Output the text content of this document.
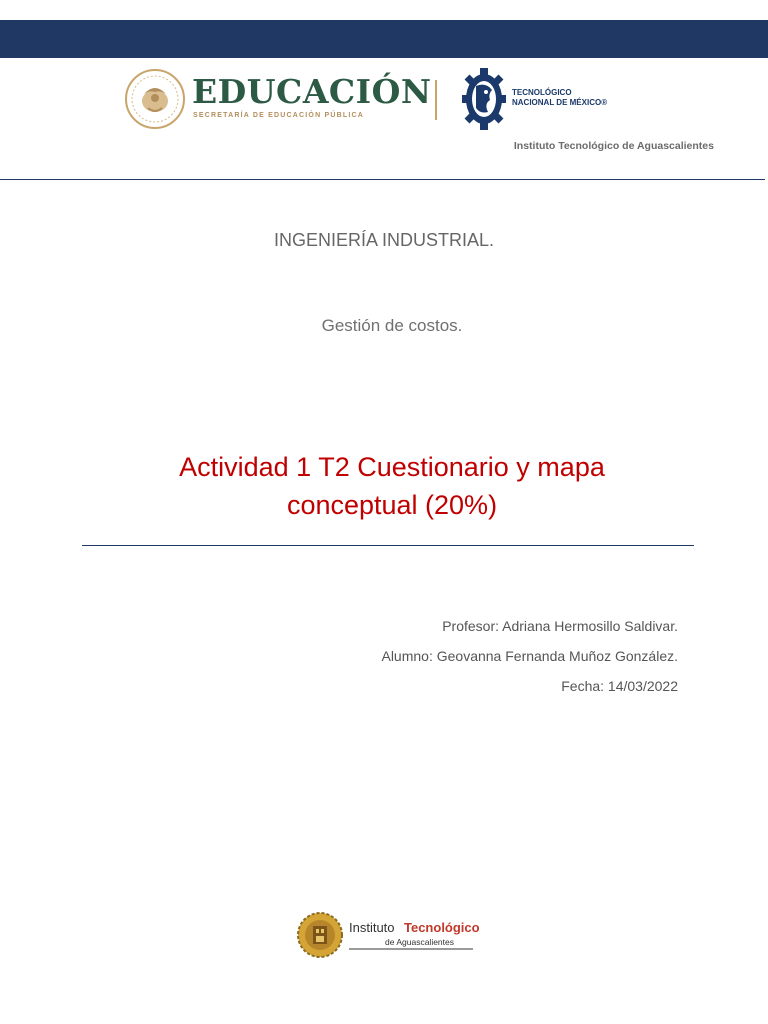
EDUCACIÓN
SECRETARÍA DE EDUCACIÓN PÚBLICA
TECNOLÓGICO
NACIONAL DE MÉXICO®
Instituto Tecnológico de Aguascalientes
INGENIERÍA INDUSTRIAL.
Gestión de costos.
Actividad 1 T2 Cuestionario y mapa
conceptual (20%)
Profesor: Adriana Hermosillo Saldivar.
Alumno: Geovanna Fernanda Muñoz González.
Fecha: 14/03/2022
Instituto Tecnológico
de Aguascalientes
